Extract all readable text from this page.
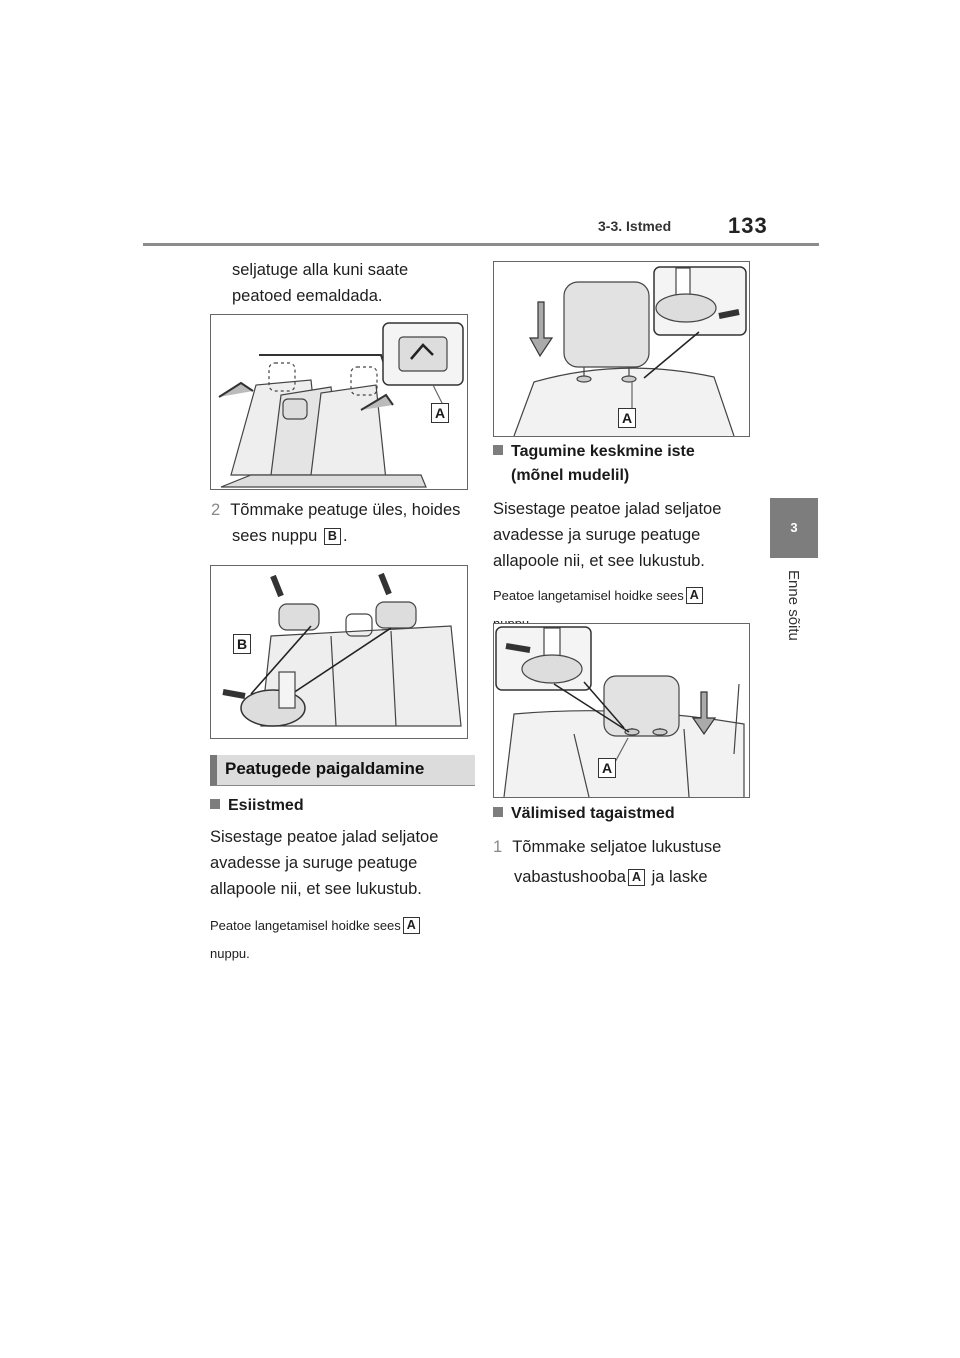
3-3. Istmed	133
3
Enne sõitu
seljatuge alla kuni saate
peatoed eemaldada.
A
2 Tõmmake peatuge üles, hoides
sees nuppu B .
B
Peatugede paigaldamine
Esiistmed
Sisestage peatoe jalad seljatoe
avadesse ja suruge peatuge
allapoole nii, et see lukustub.
Peatoe langetamisel hoidke sees A
nuppu.
A
Tagumine keskmine iste
(mõnel mudelil)
Sisestage peatoe jalad seljatoe
avadesse ja suruge peatuge
allapoole nii, et see lukustub.
Peatoe langetamisel hoidke sees A
A
Välimised tagaistmed
1 Tõmmake seljatoe lukustuse
vabastushooba A ja laske
